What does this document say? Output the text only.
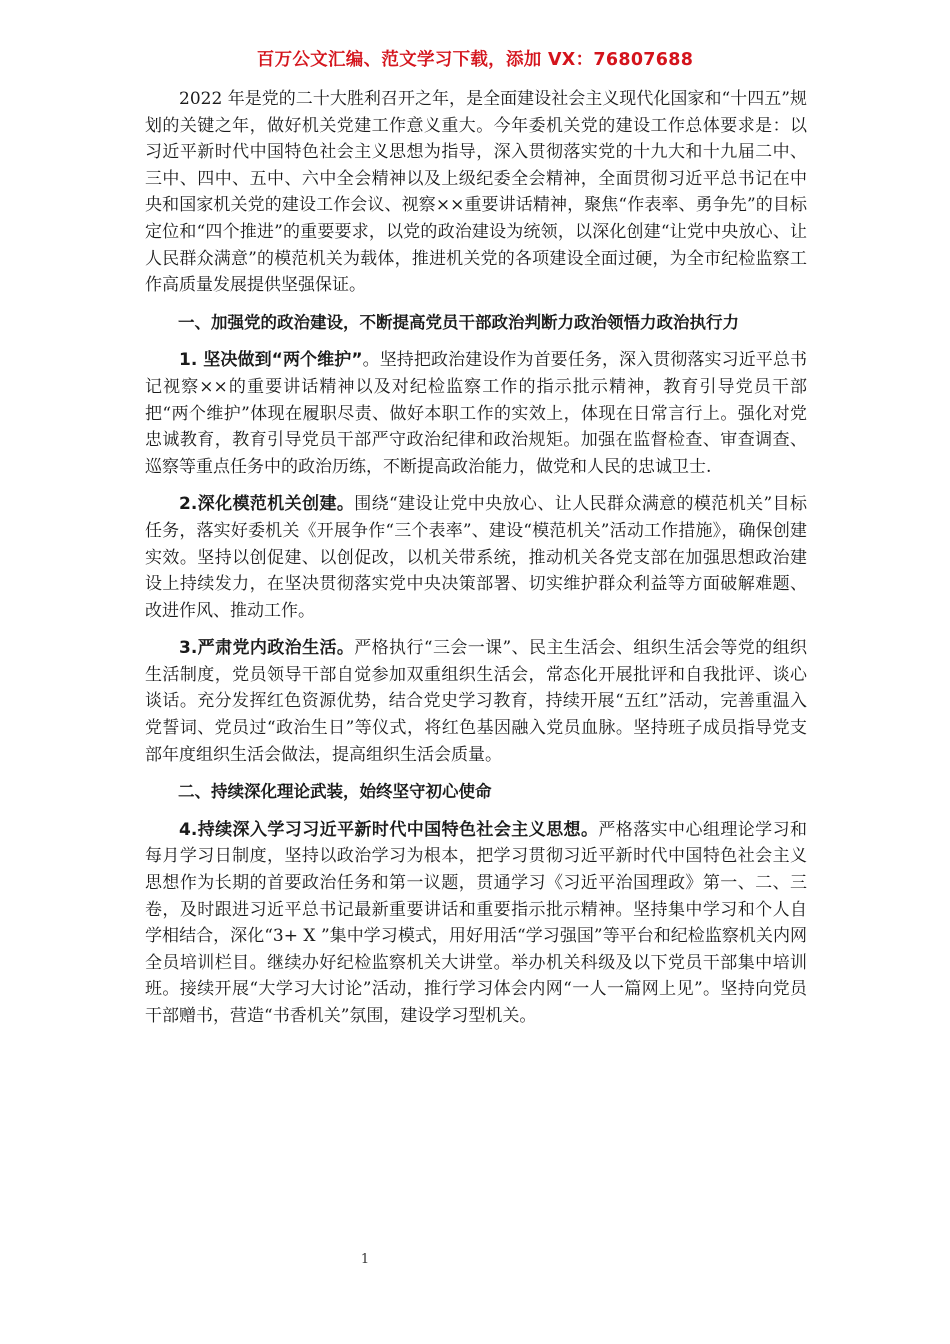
百万公文汇编、范文学习下载，添加 VX：76807688

2022 年是党的二十大胜利召开之年，是全面建设社会主义现代化国家和“十四五”规划的关键之年，做好机关党建工作意义重大。今年委机关党的建设工作总体要求是：以习近平新时代中国特色社会主义思想为指导，深入贯彻落实党的十九大和十九届二中、三中、四中、五中、六中全会精神以及上级纪委全会精神，全面贯彻习近平总书记在中央和国家机关党的建设工作会议、视察××重要讲话精神，聚焦“作表率、勇争先”的目标定位和“四个推进”的重要要求，以党的政治建设为统领，以深化创建“让党中央放心、让人民群众满意”的模范机关为载体，推进机关党的各项建设全面过硬，为全市纪检监察工作高质量发展提供坚强保证。

一、加强党的政治建设，不断提高党员干部政治判断力政治领悟力政治执行力

1. 坚决做到“两个维护”。坚持把政治建设作为首要任务，深入贯彻落实习近平总书记视察××的重要讲话精神以及对纪检监察工作的指示批示精神，教育引导党员干部把“两个维护”体现在履职尽责、做好本职工作的实效上，体现在日常言行上。强化对党忠诚教育，教育引导党员干部严守政治纪律和政治规矩。加强在监督检查、审查调查、巡察等重点任务中的政治历练，不断提高政治能力，做党和人民的忠诚卫士.

2.深化模范机关创建。围绕“建设让党中央放心、让人民群众满意的模范机关”目标任务，落实好委机关《开展争作“三个表率”、建设“模范机关”活动工作措施》，确保创建实效。坚持以创促建、以创促改，以机关带系统，推动机关各党支部在加强思想政治建设上持续发力，在坚决贯彻落实党中央决策部署、切实维护群众利益等方面破解难题、改进作风、推动工作。

3.严肃党内政治生活。严格执行“三会一课”、民主生活会、组织生活会等党的组织生活制度，党员领导干部自觉参加双重组织生活会，常态化开展批评和自我批评、谈心谈话。充分发挥红色资源优势，结合党史学习教育，持续开展“五红”活动，完善重温入党誓词、党员过“政治生日”等仪式，将红色基因融入党员血脉。坚持班子成员指导党支部年度组织生活会做法，提高组织生活会质量。

二、持续深化理论武装，始终坚守初心使命

4.持续深入学习习近平新时代中国特色社会主义思想。严格落实中心组理论学习和每月学习日制度，坚持以政治学习为根本，把学习贯彻习近平新时代中国特色社会主义思想作为长期的首要政治任务和第一议题，贯通学习《习近平治国理政》第一、二、三卷，及时跟进习近平总书记最新重要讲话和重要指示批示精神。坚持集中学习和个人自学相结合，深化“3+ X ”集中学习模式，用好用活“学习强国”等平台和纪检监察机关内网全员培训栏目。继续办好纪检监察机关大讲堂。举办机关科级及以下党员干部集中培训班。接续开展“大学习大讨论”活动，推行学习体会内网“一人一篇网上见”。坚持向党员干部赠书，营造“书香机关”氛围，建设学习型机关。

1
